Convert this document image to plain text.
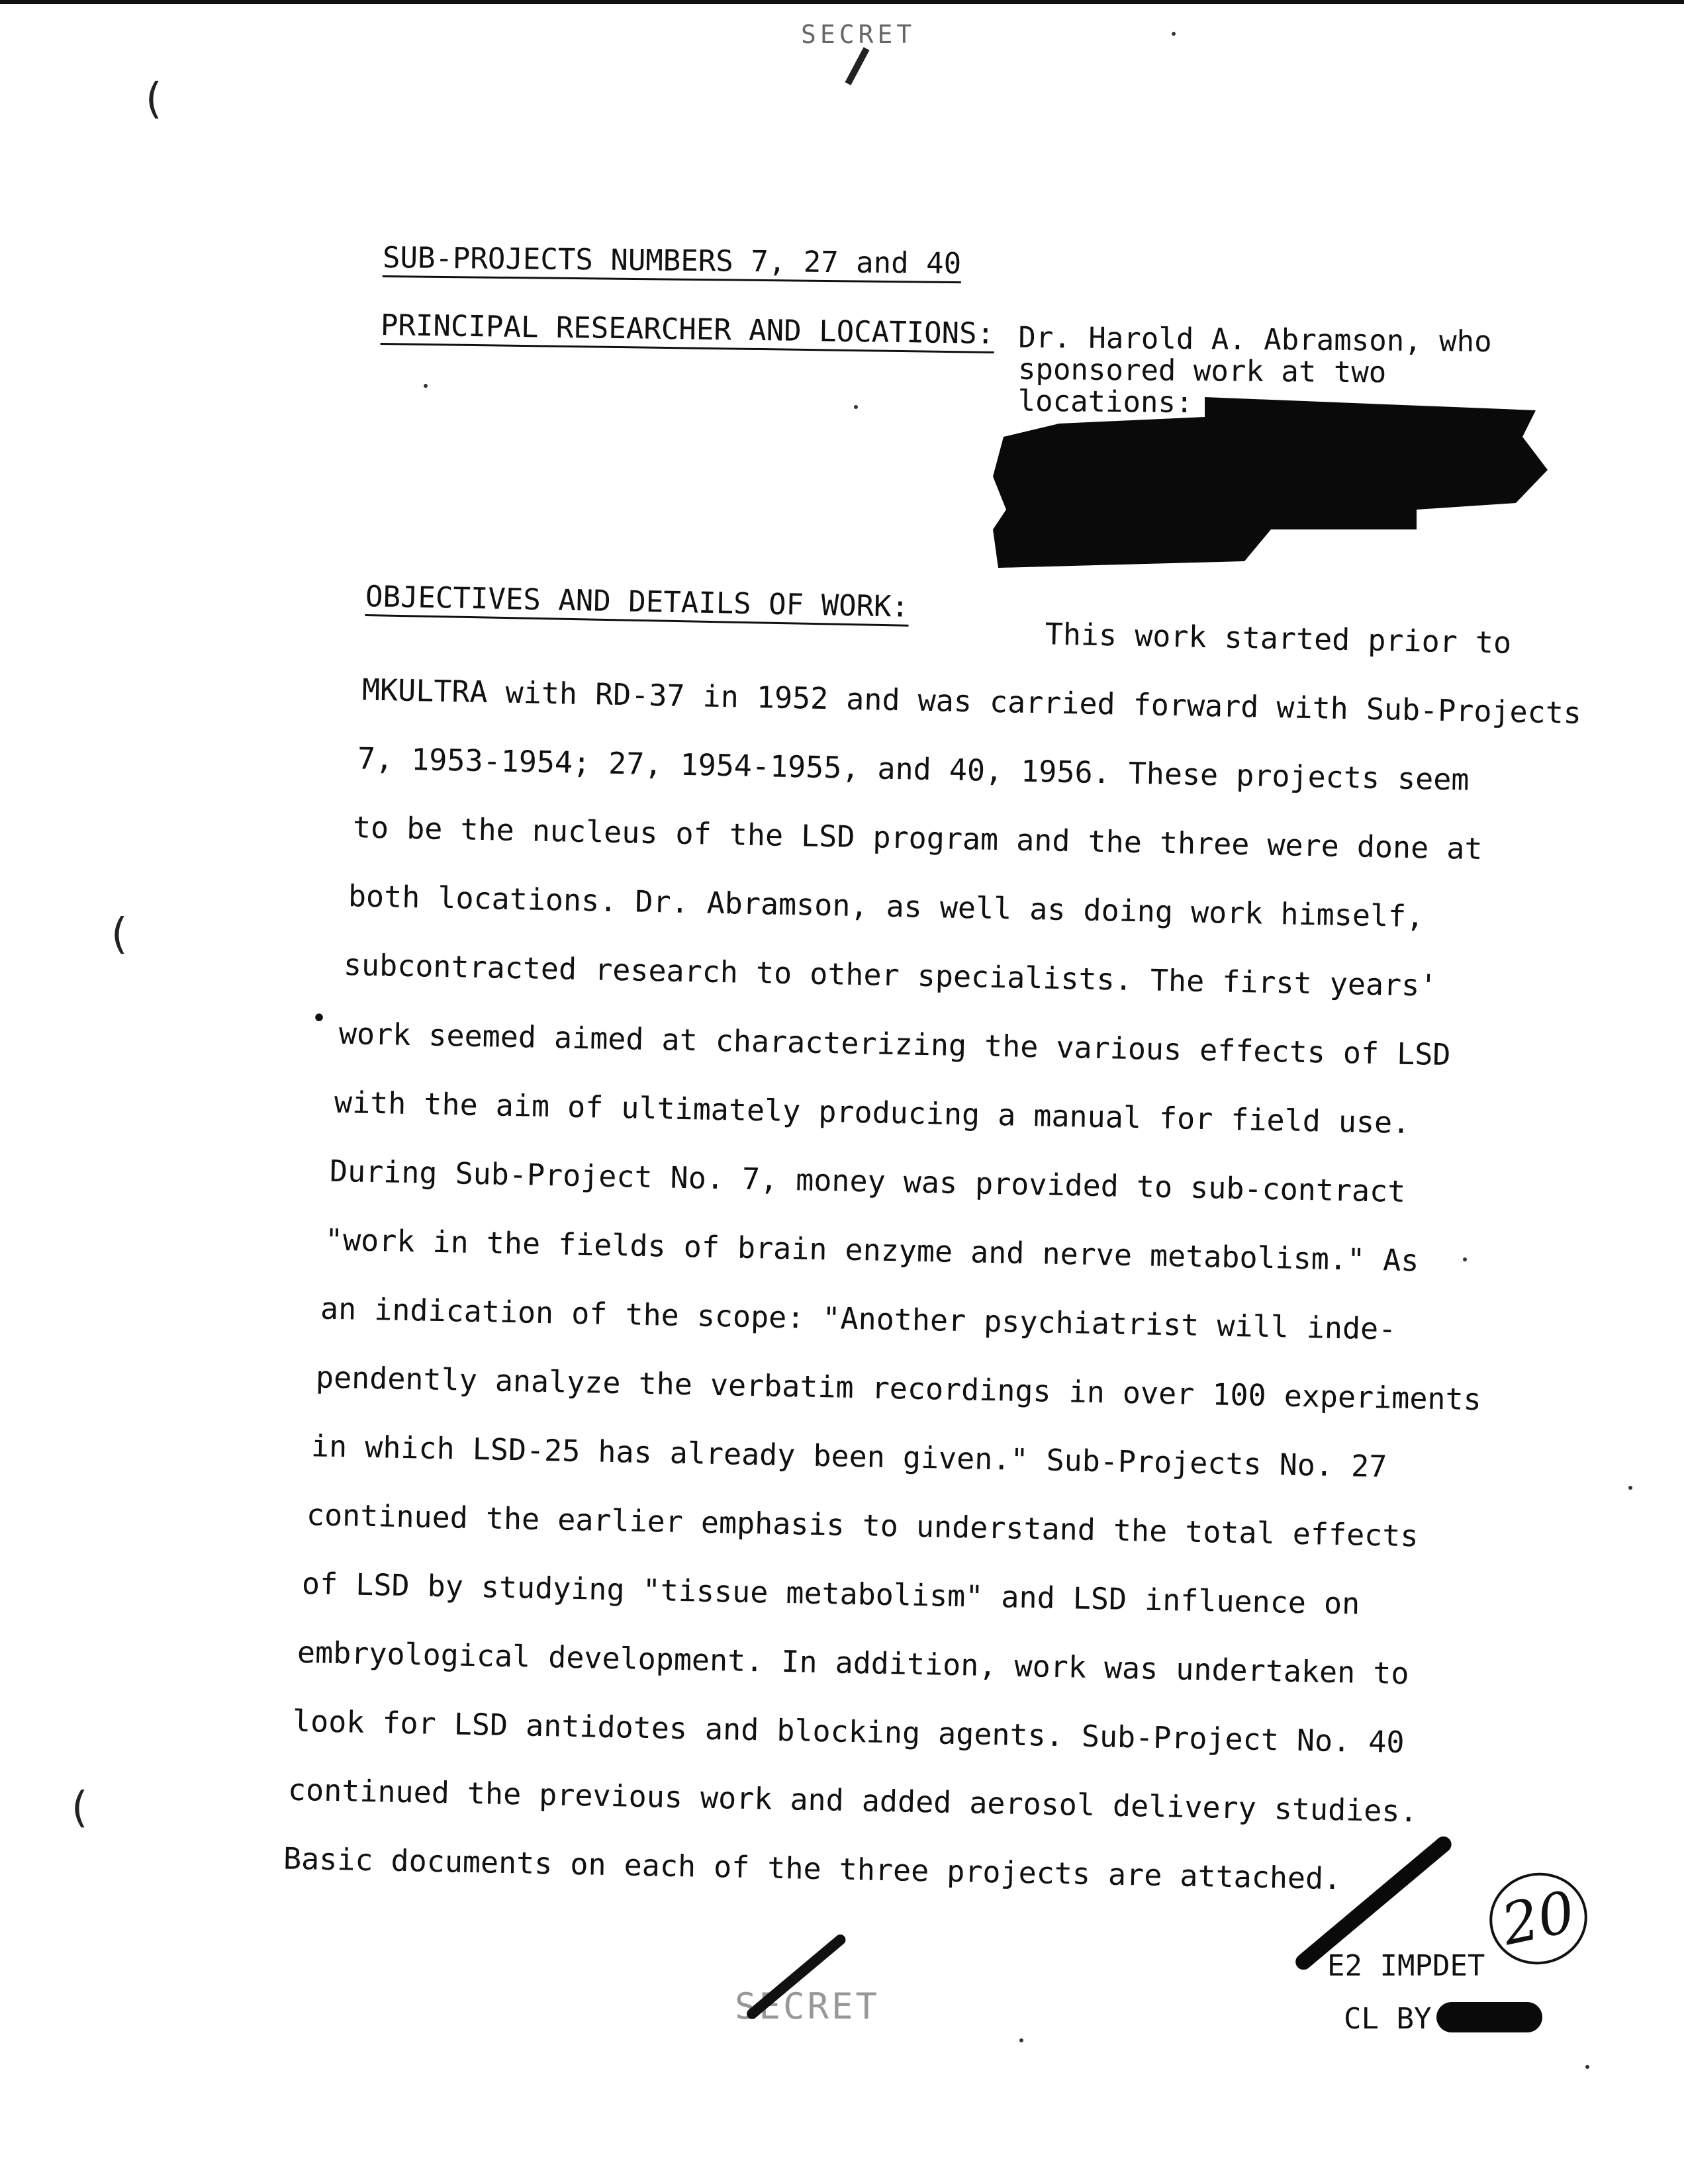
SECRET
(
(
(
SUB-PROJECTS NUMBERS 7, 27 and 40
PRINCIPAL RESEARCHER AND LOCATIONS: Dr. Harold A. Abramson, who
sponsored work at two
locations:
OBJECTIVES AND DETAILS OF WORK:
This work started prior to
MKULTRA with RD-37 in 1952 and was carried forward with Sub-Projects
7, 1953-1954; 27, 1954-1955, and 40, 1956. These projects seem
to be the nucleus of the LSD program and the three were done at
both locations. Dr. Abramson, as well as doing work himself,
subcontracted research to other specialists. The first years'
work seemed aimed at characterizing the various effects of LSD
with the aim of ultimately producing a manual for field use.
During Sub-Project No. 7, money was provided to sub-contract
"work in the fields of brain enzyme and nerve metabolism." As
an indication of the scope: "Another psychiatrist will inde-
pendently analyze the verbatim recordings in over 100 experiments
in which LSD-25 has already been given." Sub-Projects No. 27
continued the earlier emphasis to understand the total effects
of LSD by studying "tissue metabolism" and LSD influence on
embryological development. In addition, work was undertaken to
look for LSD antidotes and blocking agents. Sub-Project No. 40
continued the previous work and added aerosol delivery studies.
Basic documents on each of the three projects are attached.
•
E2 IMPDET
CL BY
20
SECRET
